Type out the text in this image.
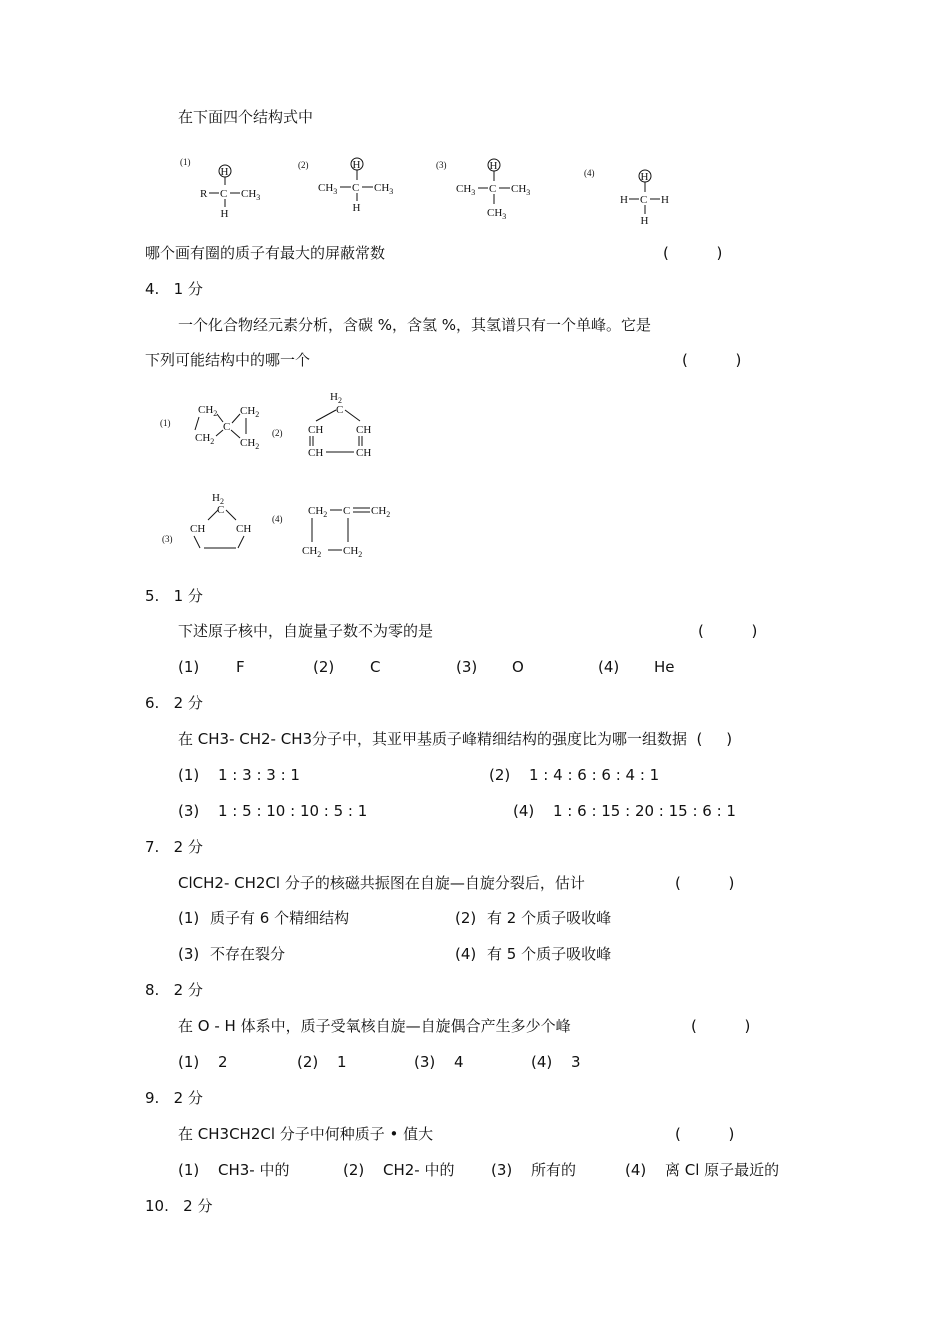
在下面四个结构式中
(1)
H
R C $CH_3$
H
(2)	H
$CH_3$ C $CH_3$
H
(3)	H
$CH_3$ C $CH_3$
$CH_3$
(4)	H
H C H
H
哪个画有圈的质子有最大的屏蔽常数	(          )
4.   1 分
一个化合物经元素分析，含碳 %，含氢 %，其氢谱只有一个单峰。它是
下列可能结构中的哪一个	(          )
(1)
$CH_2$ $CH_2$
$CH_2$ $CH_2$
C	(2)
$H_2$
C
CH	CH
CH	CH
(3)
$H_2$
C
CH	CH
(4)
$CH_2$ C $CH_2$
$CH_2$ $CH_2$
5.   1 分
下述原子核中，自旋量子数不为零的是	(          )
(1) F	(2) C	(3) O	(4) He
6.   2 分
在 CH3- CH2- CH3分子中，其亚甲基质子峰精细结构的强度比为哪一组数据  (     )
(1) 1 : 3 : 3 : 1	(2) 1 : 4 : 6 : 6 : 4 : 1
(3) 1 : 5 : 10 : 10 : 5 : 1	(4) 1 : 6 : 15 : 20 : 15 : 6 : 1
7.   2 分
ClCH2- CH2Cl 分子的核磁共振图在自旋—自旋分裂后，估计	(          )
(1) 质子有 6 个精细结构	(2) 有 2 个质子吸收峰
(3) 不存在裂分	(4) 有 5 个质子吸收峰
8.   2 分
在 O - H 体系中，质子受氧核自旋—自旋偶合产生多少个峰	(          )
(1) 2	(2) 1	(3) 4	(4) 3
9.   2 分
在 CH3CH2Cl 分子中何种质子 • 值大	(          )
(1) CH3- 中的	(2) CH2- 中的 (3) 所有的	(4) 离 Cl 原子最近的
10.   2 分
